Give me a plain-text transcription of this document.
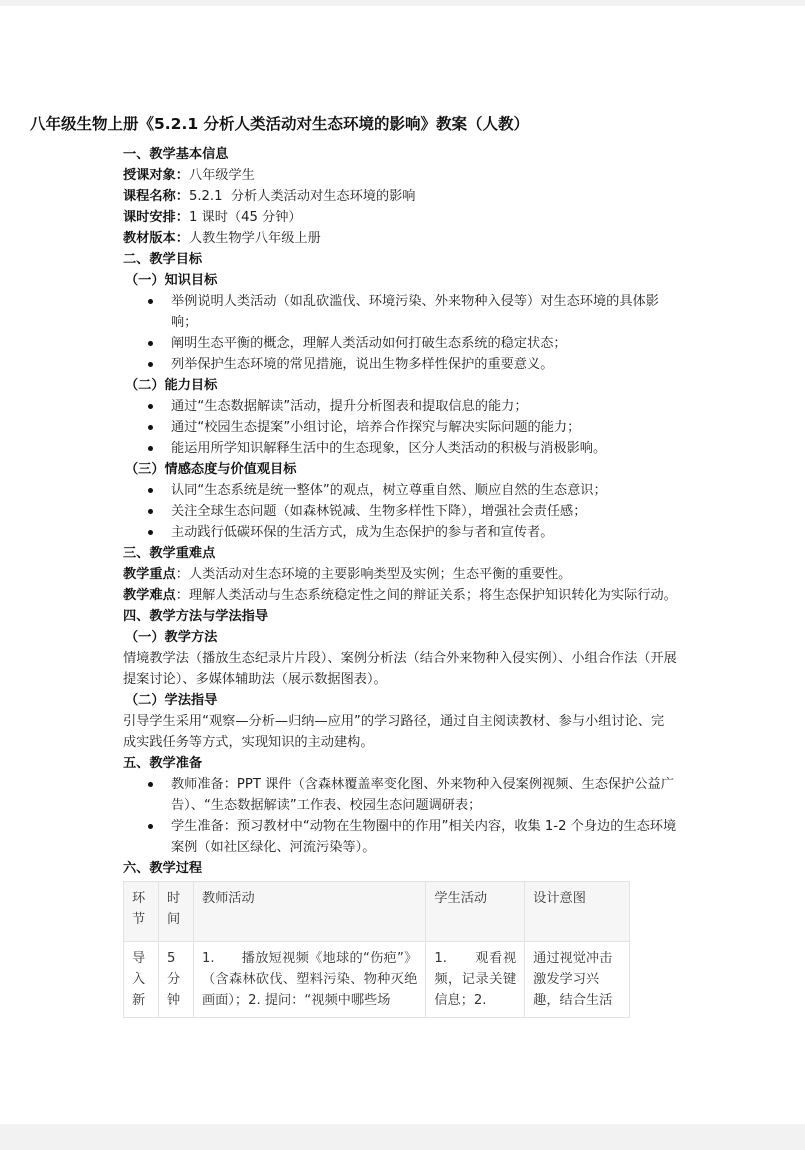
八年级生物上册《5.2.1 分析人类活动对生态环境的影响》教案（人教）
一、教学基本信息
授课对象：八年级学生
课程名称：5.2.1  分析人类活动对生态环境的影响
课时安排：1 课时（45 分钟）
教材版本：人教生物学八年级上册
二、教学目标
（一）知识目标
举例说明人类活动（如乱砍滥伐、环境污染、外来物种入侵等）对生态环境的具体影响；
阐明生态平衡的概念，理解人类活动如何打破生态系统的稳定状态；
列举保护生态环境的常见措施，说出生物多样性保护的重要意义。
（二）能力目标
通过“生态数据解读”活动，提升分析图表和提取信息的能力；
通过“校园生态提案”小组讨论，培养合作探究与解决实际问题的能力；
能运用所学知识解释生活中的生态现象，区分人类活动的积极与消极影响。
（三）情感态度与价值观目标
认同“生态系统是统一整体”的观点，树立尊重自然、顺应自然的生态意识；
关注全球生态问题（如森林锐减、生物多样性下降），增强社会责任感；
主动践行低碳环保的生活方式，成为生态保护的参与者和宣传者。
三、教学重难点
教学重点：人类活动对生态环境的主要影响类型及实例；生态平衡的重要性。
教学难点：理解人类活动与生态系统稳定性之间的辩证关系；将生态保护知识转化为实际行动。
四、教学方法与学法指导
（一）教学方法
情境教学法（播放生态纪录片片段）、案例分析法（结合外来物种入侵实例）、小组合作法（开展提案讨论）、多媒体辅助法（展示数据图表）。
（二）学法指导
引导学生采用“观察—分析—归纳—应用”的学习路径，通过自主阅读教材、参与小组讨论、完成实践任务等方式，实现知识的主动建构。
五、教学准备
教师准备：PPT 课件（含森林覆盖率变化图、外来物种入侵案例视频、生态保护公益广告）、“生态数据解读”工作表、校园生态问题调研表；
学生准备：预习教材中“动物在生物圈中的作用”相关内容，收集 1-2 个身边的生态环境案例（如社区绿化、河流污染等）。
六、教学过程
环节	时间	教师活动	学生活动	设计意图
导入新	5 分钟	1.　　播放短视频《地球的“伤疤”》（含森林砍伐、塑料污染、物种灭绝画面）；2. 提问：“视频中哪些场	1.　　观看视频，记录关键信息；2.	通过视觉冲击激发学习兴趣，结合生活
